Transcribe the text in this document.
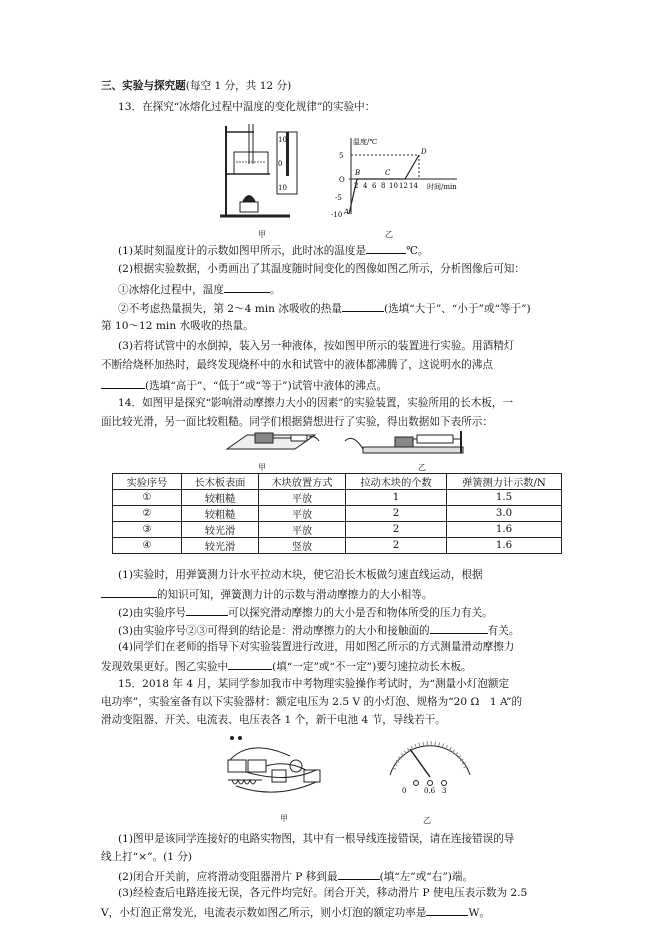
三、实验与探究题(每空 1 分，共 12 分)
13．在探究“冰熔化过程中温度的变化规律”的实验中：
10
0
10
甲
温度/℃
时间/min
5
O
-5
-10
2 4 6 8 10 12 14
A
B	C
D
乙
(1)某时刻温度计的示数如图甲所示，此时冰的温度是	℃。
(2)根据实验数据，小勇画出了其温度随时间变化的图像如图乙所示，分析图像后可知：
①冰熔化过程中，温度	。
②不考虑热量损失，第 2～4 min 冰吸收的热量	(选填“大于”、“小于”或“等于”)
第 10～12 min 水吸收的热量。
(3)若将试管中的水倒掉，装入另一种液体，按如图甲所示的装置进行实验。用酒精灯
不断给烧杯加热时，最终发现烧杯中的水和试管中的液体都沸腾了，这说明水的沸点
(选填“高于”、“低于”或“等于”)试管中液体的沸点。
14．如图甲是探究“影响滑动摩擦力大小的因素”的实验装置，实验所用的长木板，一
面比较光滑，另一面比较粗糙。同学们根据猜想进行了实验，得出数据如下表所示：
甲	乙
实验序号	长木板表面	木块放置方式	拉动木块的个数	弹簧测力计示数/N
①	较粗糙	平放	1	1.5
②	较粗糙	平放	2	3.0
③	较光滑	平放	2	1.6
④	较光滑	竖放	2	1.6
(1)实验时，用弹簧测力计水平拉动木块，使它沿长木板做匀速直线运动，根据
的知识可知，弹簧测力计的示数与滑动摩擦力的大小相等。
(2)由实验序号	可以探究滑动摩擦力的大小是否和物体所受的压力有关。
(3)由实验序号②③可得到的结论是：滑动摩擦力的大小和接触面的	有关。
(4)同学们在老师的指导下对实验装置进行改进，用如图乙所示的方式测量滑动摩擦力
发现效果更好。图乙实验中	(填“一定”或“不一定”)要匀速拉动长木板。
15．2018 年 4 月，某同学参加我市中考物理实验操作考试时，为“测量小灯泡额定
电功率”，实验室备有以下实验器材：额定电压为 2.5 V 的小灯泡、规格为“20 Ω　1 A”的
滑动变阻器、开关、电流表、电压表各 1 个，新干电池 4 节，导线若干。
甲
0	0.6 3
乙
(1)图甲是该同学连接好的电路实物图，其中有一根导线连接错误，请在连接错误的导
线上打“×”。(1 分)
(2)闭合开关前，应将滑动变阻器滑片 P 移到最	(填“左”或“右”)端。
(3)经检查后电路连接无误，各元件均完好。闭合开关，移动滑片 P 使电压表示数为 2.5
V，小灯泡正常发光，电流表示数如图乙所示，则小灯泡的额定功率是	W。
